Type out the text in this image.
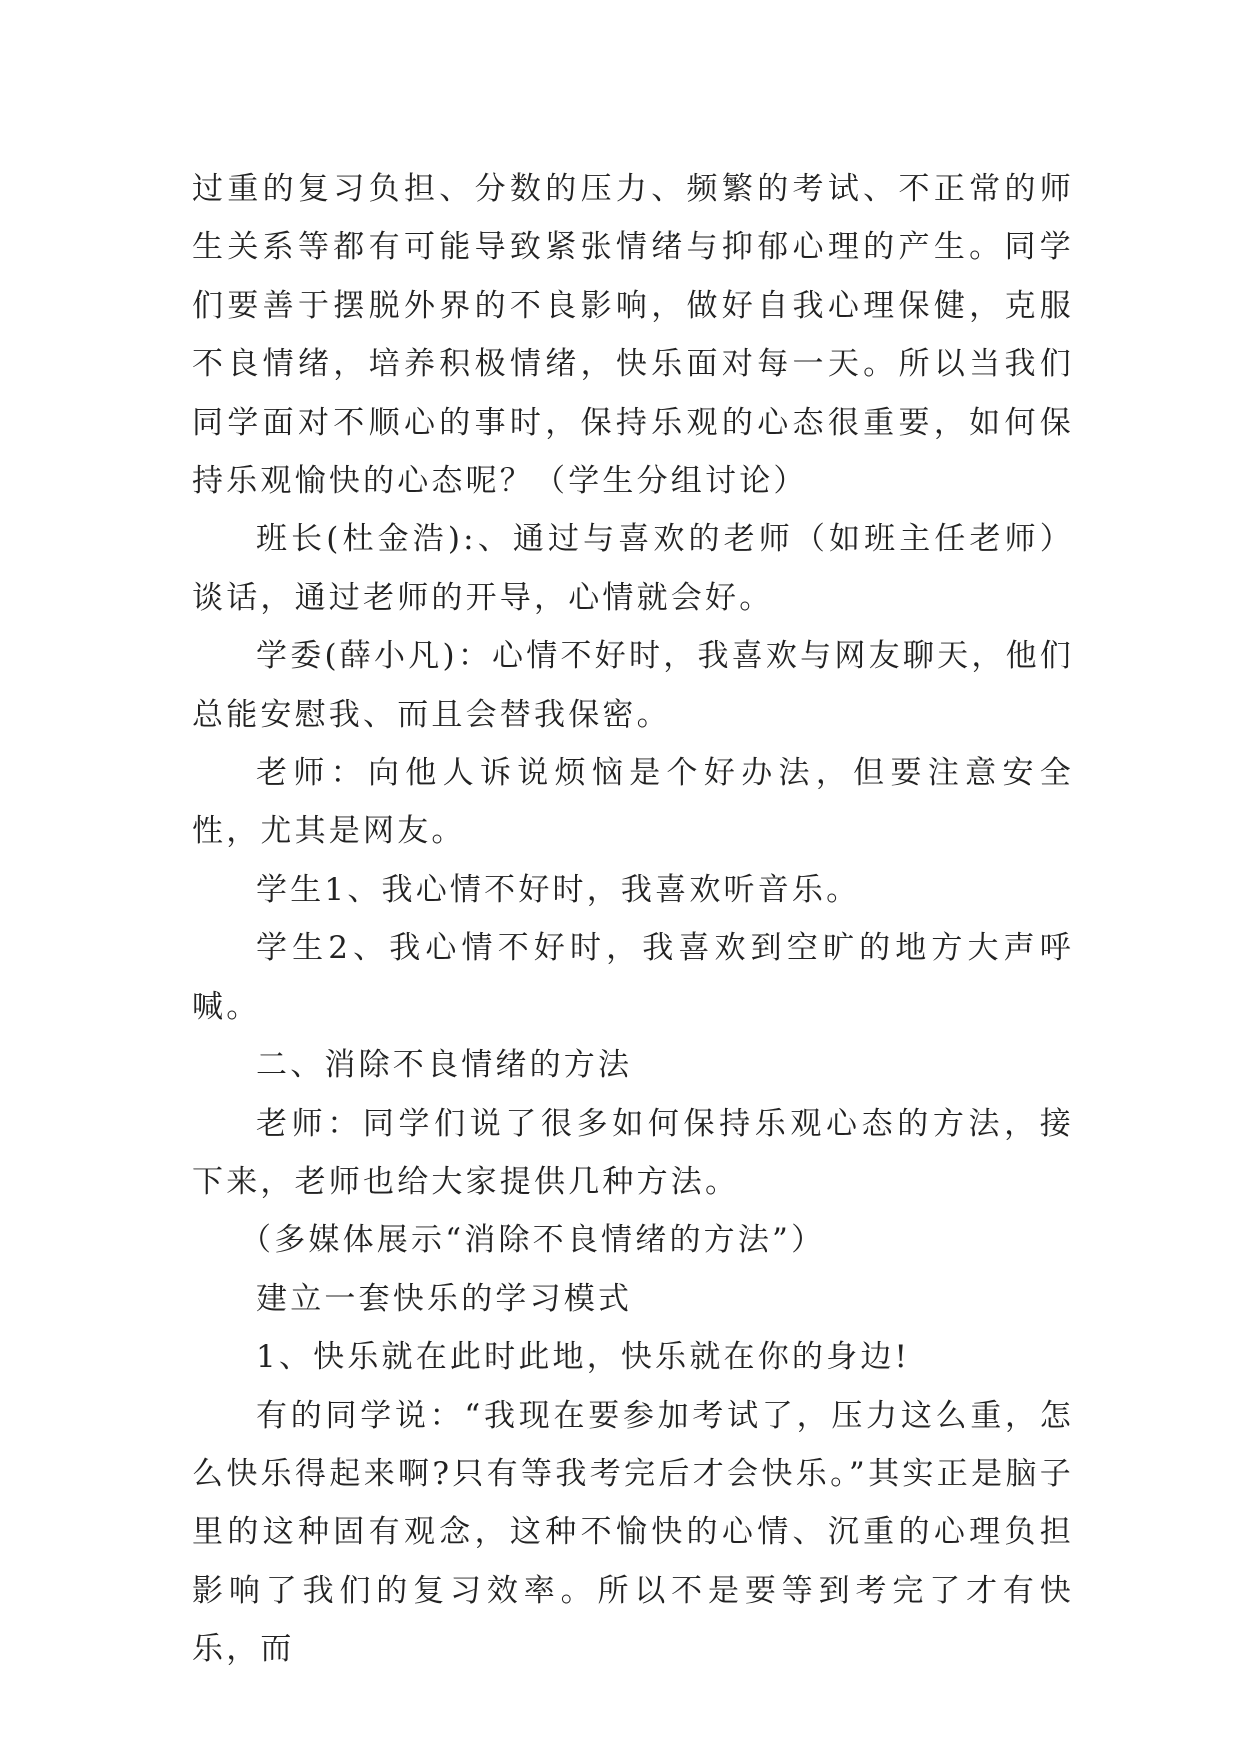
过重的复习负担、分数的压力、频繁的考试、不正常的师生关系等都有可能导致紧张情绪与抑郁心理的产生。同学们要善于摆脱外界的不良影响，做好自我心理保健，克服不良情绪，培养积极情绪，快乐面对每一天。所以当我们同学面对不顺心的事时，保持乐观的心态很重要，如何保持乐观愉快的心态呢？（学生分组讨论）

班长(杜金浩):、通过与喜欢的老师（如班主任老师）谈话，通过老师的开导，心情就会好。

学委(薛小凡)：心情不好时，我喜欢与网友聊天，他们总能安慰我、而且会替我保密。

老师：向他人诉说烦恼是个好办法，但要注意安全性，尤其是网友。

学生1、我心情不好时，我喜欢听音乐。

学生2、我心情不好时，我喜欢到空旷的地方大声呼喊。

二、消除不良情绪的方法

老师：同学们说了很多如何保持乐观心态的方法，接下来，老师也给大家提供几种方法。

（多媒体展示“消除不良情绪的方法”）

建立一套快乐的学习模式

1、快乐就在此时此地，快乐就在你的身边!

有的同学说：“我现在要参加考试了，压力这么重，怎么快乐得起来啊?只有等我考完后才会快乐。”其实正是脑子里的这种固有观念，这种不愉快的心情、沉重的心理负担影响了我们的复习效率。所以不是要等到考完了才有快乐，而
